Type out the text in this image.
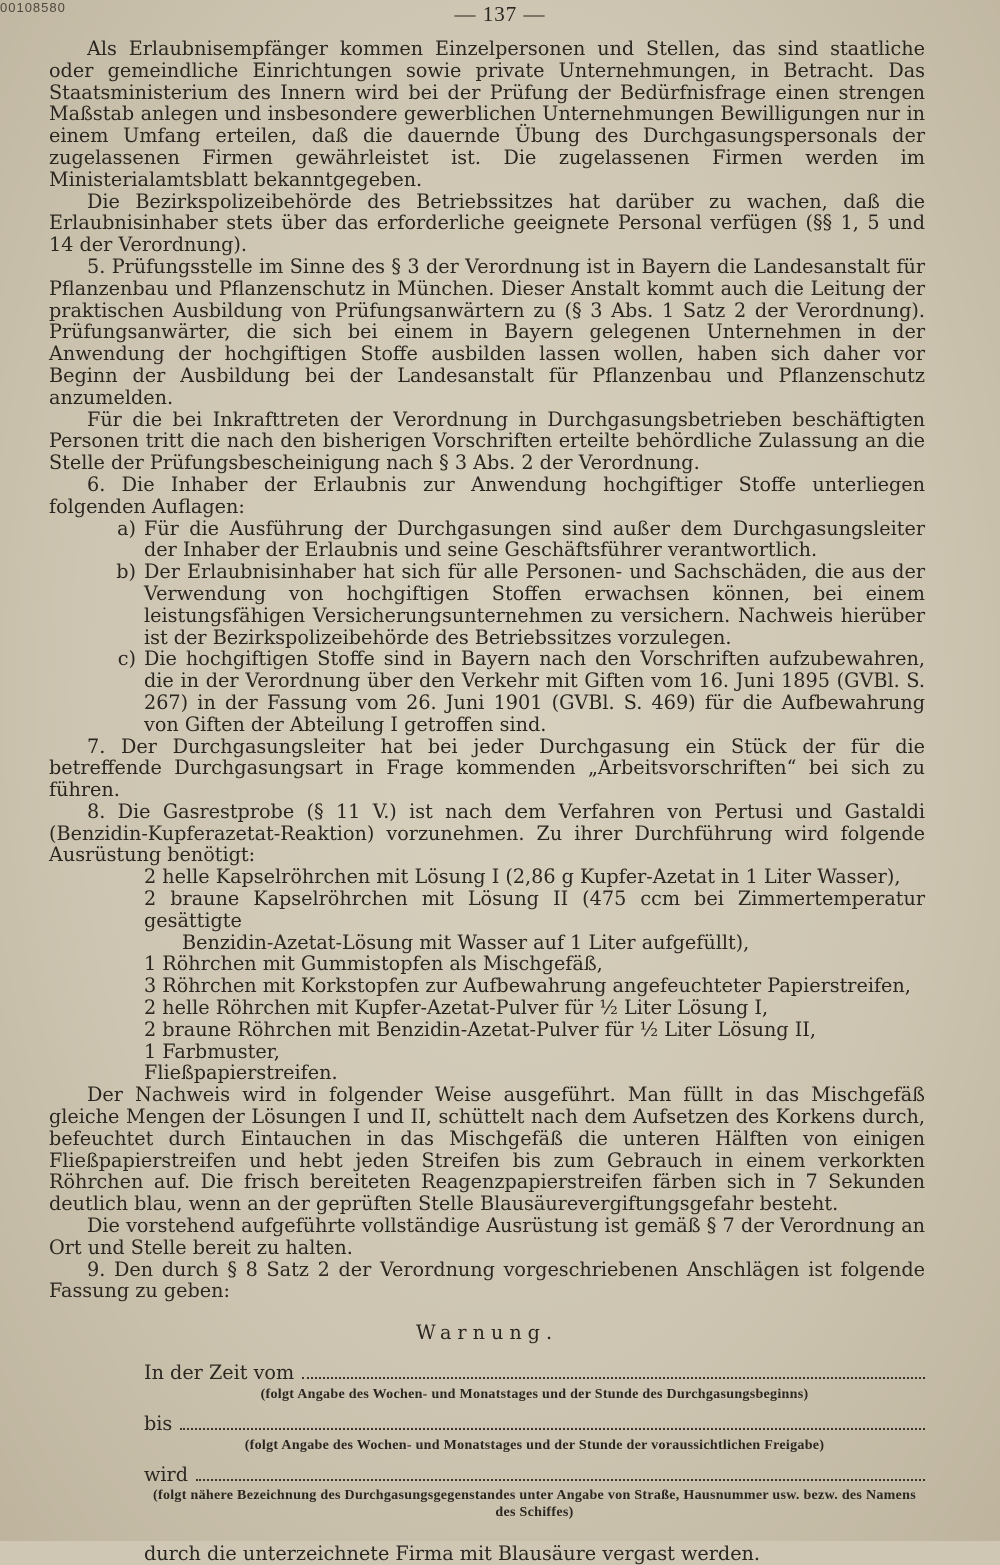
00108580	— 137 —

Als Erlaubnisempfänger kommen Einzelpersonen und Stellen, das sind staatliche oder gemeindliche Einrichtungen sowie private Unternehmungen, in Betracht. Das Staatsministerium des Innern wird bei der Prüfung der Bedürfnisfrage einen strengen Maßstab anlegen und insbesondere gewerblichen Unternehmungen Bewilligungen nur in einem Umfang erteilen, daß die dauernde Übung des Durchgasungspersonals der zugelassenen Firmen gewährleistet ist. Die zugelassenen Firmen werden im Ministerialamtsblatt bekanntgegeben.

Die Bezirkspolizeibehörde des Betriebssitzes hat darüber zu wachen, daß die Erlaubnisinhaber stets über das erforderliche geeignete Personal verfügen (§§ 1, 5 und 14 der Verordnung).

5. Prüfungsstelle im Sinne des § 3 der Verordnung ist in Bayern die Landesanstalt für Pflanzenbau und Pflanzenschutz in München. Dieser Anstalt kommt auch die Leitung der praktischen Ausbildung von Prüfungsanwärtern zu (§ 3 Abs. 1 Satz 2 der Verordnung). Prüfungsanwärter, die sich bei einem in Bayern gelegenen Unternehmen in der Anwendung der hochgiftigen Stoffe ausbilden lassen wollen, haben sich daher vor Beginn der Ausbildung bei der Landesanstalt für Pflanzenbau und Pflanzenschutz anzumelden.

Für die bei Inkrafttreten der Verordnung in Durchgasungsbetrieben beschäftigten Personen tritt die nach den bisherigen Vorschriften erteilte behördliche Zulassung an die Stelle der Prüfungsbescheinigung nach § 3 Abs. 2 der Verordnung.

6. Die Inhaber der Erlaubnis zur Anwendung hochgiftiger Stoffe unterliegen folgenden Auflagen:

a) Für die Ausführung der Durchgasungen sind außer dem Durchgasungsleiter der Inhaber der Erlaubnis und seine Geschäftsführer verantwortlich.
b) Der Erlaubnisinhaber hat sich für alle Personen- und Sachschäden, die aus der Verwendung von hochgiftigen Stoffen erwachsen können, bei einem leistungsfähigen Versicherungsunternehmen zu versichern. Nachweis hierüber ist der Bezirkspolizeibehörde des Betriebssitzes vorzulegen.
c) Die hochgiftigen Stoffe sind in Bayern nach den Vorschriften aufzubewahren, die in der Verordnung über den Verkehr mit Giften vom 16. Juni 1895 (GVBl. S. 267) in der Fassung vom 26. Juni 1901 (GVBl. S. 469) für die Aufbewahrung von Giften der Abteilung I getroffen sind.

7. Der Durchgasungsleiter hat bei jeder Durchgasung ein Stück der für die betreffende Durchgasungsart in Frage kommenden „Arbeitsvorschriften“ bei sich zu führen.

8. Die Gasrestprobe (§ 11 V.) ist nach dem Verfahren von Pertusi und Gastaldi (Benzidin-Kupferazetat-Reaktion) vorzunehmen. Zu ihrer Durchführung wird folgende Ausrüstung benötigt:

2 helle Kapselröhrchen mit Lösung I (2,86 g Kupfer-Azetat in 1 Liter Wasser),
2 braune Kapselröhrchen mit Lösung II (475 ccm bei Zimmertemperatur gesättigte
Benzidin-Azetat-Lösung mit Wasser auf 1 Liter aufgefüllt),
1 Röhrchen mit Gummistopfen als Mischgefäß,
3 Röhrchen mit Korkstopfen zur Aufbewahrung angefeuchteter Papierstreifen,
2 helle Röhrchen mit Kupfer-Azetat-Pulver für ½ Liter Lösung I,
2 braune Röhrchen mit Benzidin-Azetat-Pulver für ½ Liter Lösung II,
1 Farbmuster,
Fließpapierstreifen.

Der Nachweis wird in folgender Weise ausgeführt. Man füllt in das Mischgefäß gleiche Mengen der Lösungen I und II, schüttelt nach dem Aufsetzen des Korkens durch, befeuchtet durch Eintauchen in das Mischgefäß die unteren Hälften von einigen Fließpapierstreifen und hebt jeden Streifen bis zum Gebrauch in einem verkorkten Röhrchen auf. Die frisch bereiteten Reagenzpapierstreifen färben sich in 7 Sekunden deutlich blau, wenn an der geprüften Stelle Blausäurevergiftungsgefahr besteht.

Die vorstehend aufgeführte vollständige Ausrüstung ist gemäß § 7 der Verordnung an Ort und Stelle bereit zu halten.

9. Den durch § 8 Satz 2 der Verordnung vorgeschriebenen Anschlägen ist folgende Fassung zu geben:

Warnung.
In der Zeit vom
(folgt Angabe des Wochen- und Monatstages und der Stunde des Durchgasungsbeginns)
bis
(folgt Angabe des Wochen- und Monatstages und der Stunde der voraussichtlichen Freigabe)
wird
(folgt nähere Bezeichnung des Durchgasungsgegenstandes unter Angabe von Straße, Hausnummer usw. bezw. des Namens des Schiffes)
durch die unterzeichnete Firma mit Blausäure vergast werden.
